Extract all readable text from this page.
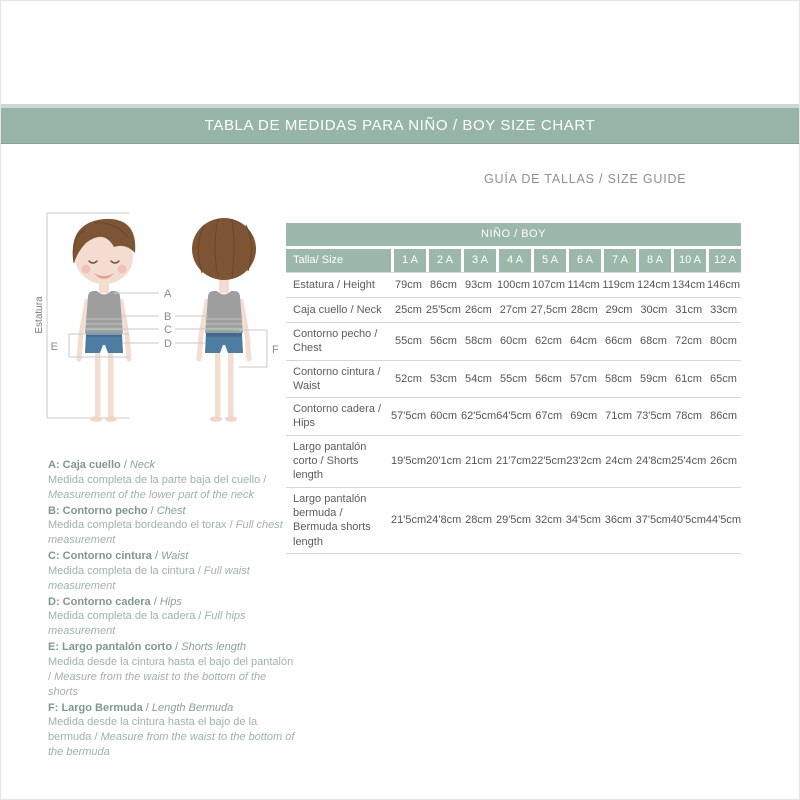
TABLA DE MEDIDAS PARA NIÑO / BOY SIZE CHART
GUÍA DE TALLAS / SIZE GUIDE
Estatura
A
B
C
D
E	F
NIÑO / BOY
Talla/ Size	1 A	2 A	3 A	4 A	5 A	6 A	7 A	8 A	10 A	12 A
Estatura / Height	79cm 86cm 93cm 100cm 107cm 114cm 119cm 124cm 134cm 146cm
Caja cuello / Neck	25cm 25'5cm 26cm 27cm 27,5cm 28cm 29cm 30cm 31cm 33cm
Contorno pecho / Chest
55cm 56cm 58cm 60cm 62cm 64cm 66cm 68cm 72cm 80cm
Contorno cintura / Waist
52cm 53cm 54cm 55cm 56cm 57cm 58cm 59cm 61cm 65cm
Contorno cadera / Hips
57'5cm 60cm 62'5cm 64'5cm 67cm 69cm 71cm 73'5cm 78cm 86cm
Largo pantalón corto / Shorts length
19'5cm 20'1cm 21cm 21'7cm 22'5cm 23'2cm 24cm 24'8cm 25'4cm 26cm
Largo pantalón bermuda / Bermuda shorts length
21'5cm 24'8cm 28cm 29'5cm 32cm 34'5cm 36cm 37'5cm 40'5cm 44'5cm
A: Caja cuello / Neck
Medida completa de la parte baja del cuello / Measurement of the lower part of the neck
B: Contorno pecho / Chest
Medida completa bordeando el torax / Full chest measurement
C: Contorno cintura / Waist
Medida completa de la cintura / Full waist measurement
D: Contorno cadera / Hips
Medida completa de la cadera / Full hips measurement
E: Largo pantalón corto / Shorts length
Medida desde la cintura hasta el bajo del pantalón / Measure from the waist to the bottom of the shorts
F: Largo Bermuda / Length Bermuda
Medida desde la cintura hasta el bajo de la bermuda / Measure from the waist to the bottom of the bermuda
